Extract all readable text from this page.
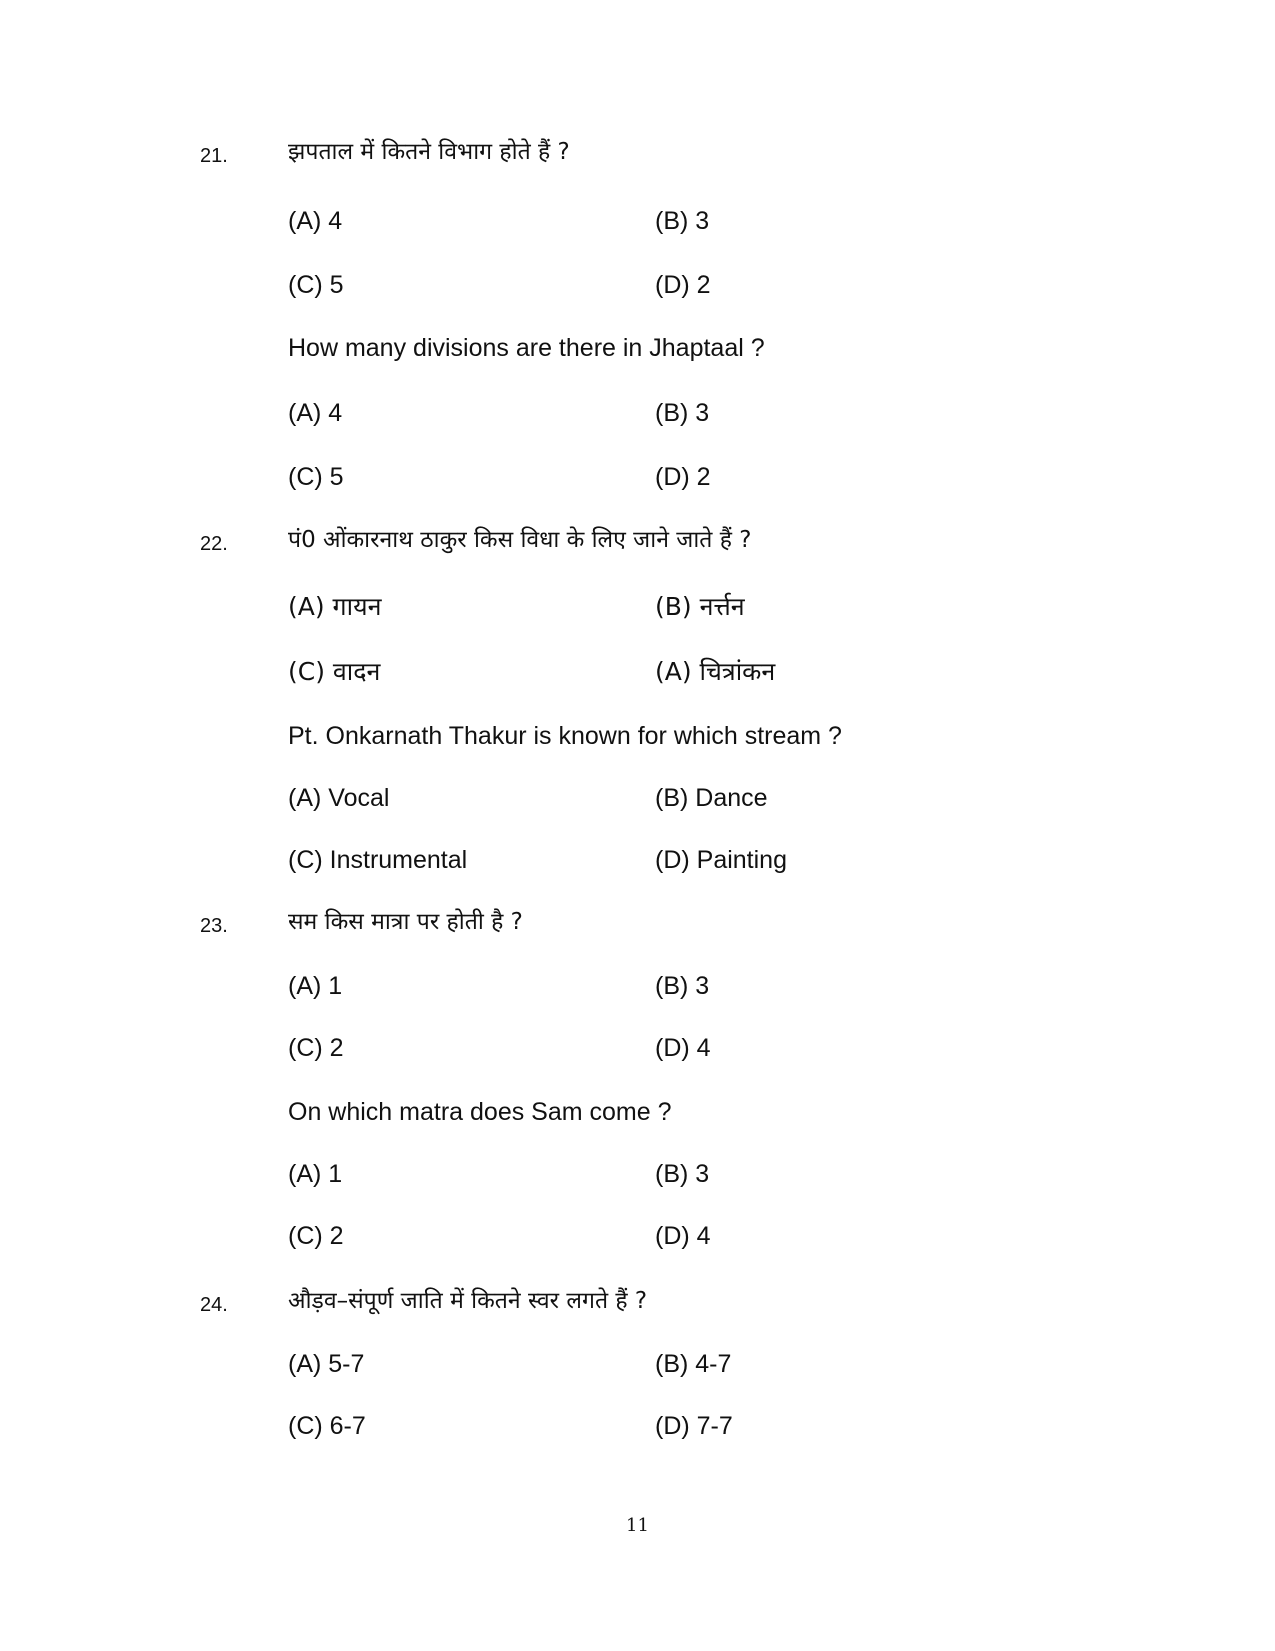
21.	झपताल में कितने विभाग होते हैं ?
(A) 4	(B) 3
(C) 5	(D) 2
How many divisions are there in Jhaptaal ?
(A) 4	(B) 3
(C) 5	(D) 2
22.	पं0 ओंकारनाथ ठाकुर किस विधा के लिए जाने जाते हैं ?
(A) गायन	(B) नर्त्तन
(C) वादन	(A) चित्रांकन
Pt. Onkarnath Thakur is known for which stream ?
(A) Vocal	(B) Dance
(C) Instrumental	(D) Painting
23.	सम किस मात्रा पर होती है ?
(A) 1	(B) 3
(C) 2	(D) 4
On which matra does Sam come ?
(A) 1	(B) 3
(C) 2	(D) 4
24.	औड़व–संपूर्ण जाति में कितने स्वर लगते हैं ?
(A) 5-7	(B) 4-7
(C) 6-7	(D) 7-7
11
